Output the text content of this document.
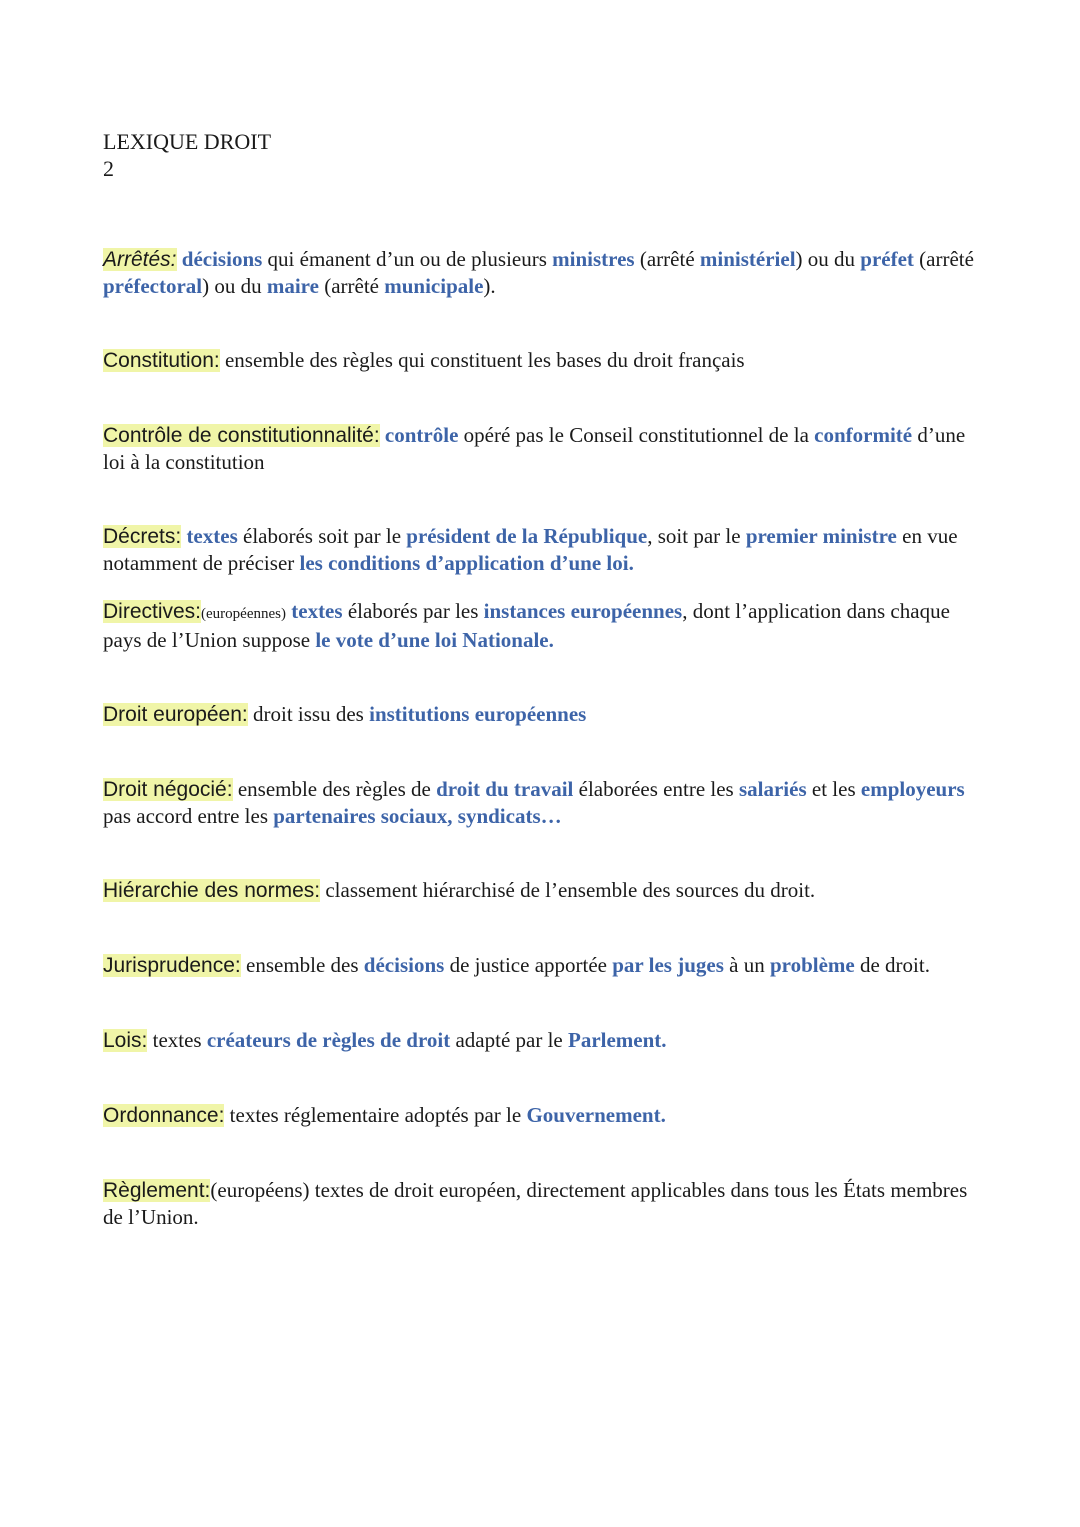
LEXIQUE DROIT
2

Arrêtés: décisions qui émanent d’un ou de plusieurs ministres (arrêté ministériel) ou du préfet (arrêté préfectoral) ou du maire (arrêté municipale).

Constitution: ensemble des règles qui constituent les bases du droit français

Contrôle de constitutionnalité: contrôle opéré pas le Conseil constitutionnel de la conformité d’une loi à la constitution

Décrets: textes élaborés soit par le président de la République, soit par le premier ministre en vue notamment de préciser les conditions d’application d’une loi.

Directives:(européennes) textes élaborés par les instances européennes, dont l’application dans chaque pays de l’Union suppose le vote d’une loi Nationale.

Droit européen: droit issu des institutions européennes

Droit négocié: ensemble des règles de droit du travail élaborées entre les salariés et les employeurs pas accord entre les partenaires sociaux, syndicats…

Hiérarchie des normes: classement hiérarchisé de l’ensemble des sources du droit.

Jurisprudence: ensemble des décisions de justice apportée par les juges à un problème de droit.

Lois: textes créateurs de règles de droit adapté par le Parlement.

Ordonnance: textes réglementaire adoptés par le Gouvernement.

Règlement:(européens) textes de droit européen, directement applicables dans tous les États membres de l’Union.
